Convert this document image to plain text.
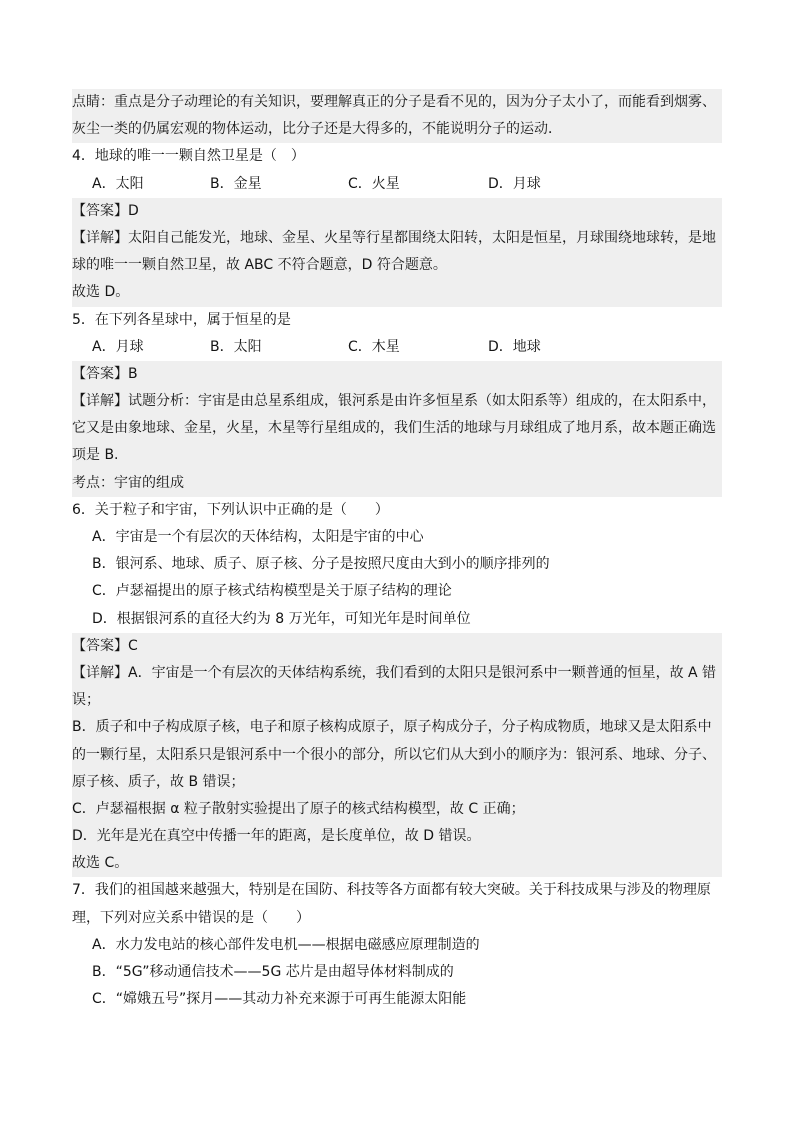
点睛：重点是分子动理论的有关知识，要理解真正的分子是看不见的，因为分子太小了，而能看到烟雾、
灰尘一类的仍属宏观的物体运动，比分子还是大得多的，不能说明分子的运动．
4．地球的唯一一颗自然卫星是（　）
A．太阳	B．金星	C．火星	D．月球
【答案】D
【详解】太阳自己能发光，地球、金星、火星等行星都围绕太阳转，太阳是恒星，月球围绕地球转，是地
球的唯一一颗自然卫星，故 ABC 不符合题意，D 符合题意。
故选 D。
5．在下列各星球中，属于恒星的是
A．月球	B．太阳	C．木星	D．地球
【答案】B
【详解】试题分析：宇宙是由总星系组成，银河系是由许多恒星系（如太阳系等）组成的，在太阳系中，
它又是由象地球、金星，火星，木星等行星组成的，我们生活的地球与月球组成了地月系，故本题正确选
项是 B.
考点：宇宙的组成
6．关于粒子和宇宙，下列认识中正确的是（　　）
A．宇宙是一个有层次的天体结构，太阳是宇宙的中心
B．银河系、地球、质子、原子核、分子是按照尺度由大到小的顺序排列的
C．卢瑟福提出的原子核式结构模型是关于原子结构的理论
D．根据银河系的直径大约为 8 万光年，可知光年是时间单位
【答案】C
【详解】A．宇宙是一个有层次的天体结构系统，我们看到的太阳只是银河系中一颗普通的恒星，故 A 错
误；
B．质子和中子构成原子核，电子和原子核构成原子，原子构成分子，分子构成物质，地球又是太阳系中
的一颗行星，太阳系只是银河系中一个很小的部分，所以它们从大到小的顺序为：银河系、地球、分子、
原子核、质子，故 B 错误；
C．卢瑟福根据 α 粒子散射实验提出了原子的核式结构模型，故 C 正确；
D．光年是光在真空中传播一年的距离，是长度单位，故 D 错误。
故选 C。
7．我们的祖国越来越强大，特别是在国防、科技等各方面都有较大突破。关于科技成果与涉及的物理原
理，下列对应关系中错误的是（　　）
A．水力发电站的核心部件发电机——根据电磁感应原理制造的
B．“5G”移动通信技术——5G 芯片是由超导体材料制成的
C．“嫦娥五号”探月——其动力补充来源于可再生能源太阳能
